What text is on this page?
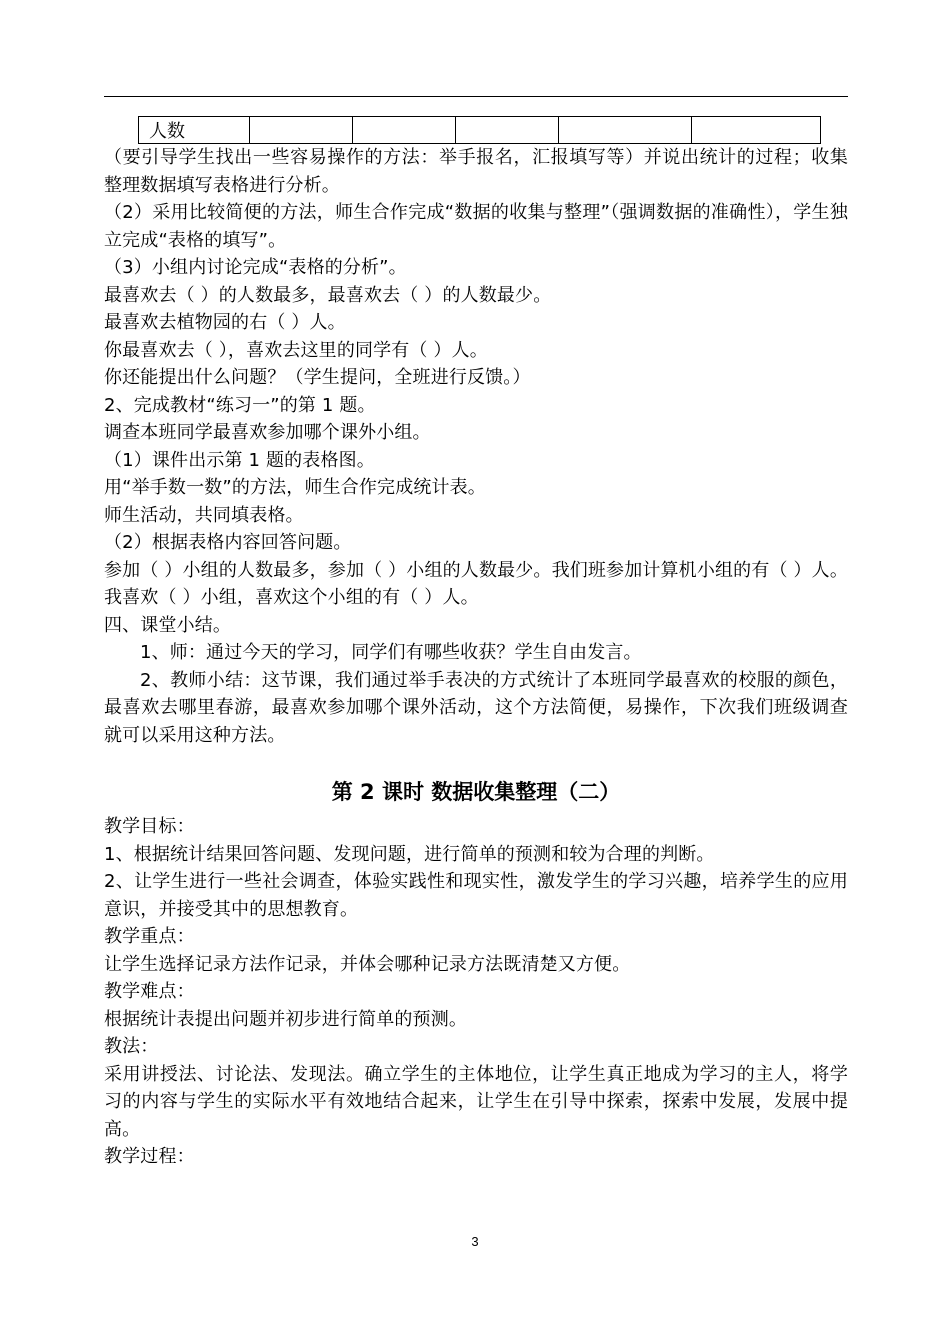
人数					

（要引导学生找出一些容易操作的方法：举手报名，汇报填写等）并说出统计的过程；收集整理数据填写表格进行分析。

（2）采用比较简便的方法，师生合作完成“数据的收集与整理”（强调数据的准确性），学生独立完成“表格的填写”。

（3）小组内讨论完成“表格的分析”。

最喜欢去（ ）的人数最多，最喜欢去（ ）的人数最少。

最喜欢去植物园的右（ ）人。

你最喜欢去（ ），喜欢去这里的同学有（ ）人。

你还能提出什么问题？（学生提问，全班进行反馈。）

2、完成教材“练习一”的第 1 题。

调查本班同学最喜欢参加哪个课外小组。

（1）课件出示第 1 题的表格图。

用“举手数一数”的方法，师生合作完成统计表。

师生活动，共同填表格。

（2）根据表格内容回答问题。

参加（ ）小组的人数最多，参加（ ）小组的人数最少。我们班参加计算机小组的有（ ）人。我喜欢（ ）小组，喜欢这个小组的有（ ）人。

四、课堂小结。

1、师：通过今天的学习，同学们有哪些收获？学生自由发言。

2、教师小结：这节课，我们通过举手表决的方式统计了本班同学最喜欢的校服的颜色，最喜欢去哪里春游，最喜欢参加哪个课外活动，这个方法简便，易操作，下次我们班级调查就可以采用这种方法。

第 2 课时 数据收集整理（二）

教学目标：

1、根据统计结果回答问题、发现问题，进行简单的预测和较为合理的判断。

2、让学生进行一些社会调查，体验实践性和现实性，激发学生的学习兴趣，培养学生的应用意识，并接受其中的思想教育。

教学重点：

让学生选择记录方法作记录，并体会哪种记录方法既清楚又方便。

教学难点：

根据统计表提出问题并初步进行简单的预测。

教法：

采用讲授法、讨论法、发现法。确立学生的主体地位，让学生真正地成为学习的主人，将学习的内容与学生的实际水平有效地结合起来，让学生在引导中探索，探索中发展，发展中提高。

教学过程：

3
